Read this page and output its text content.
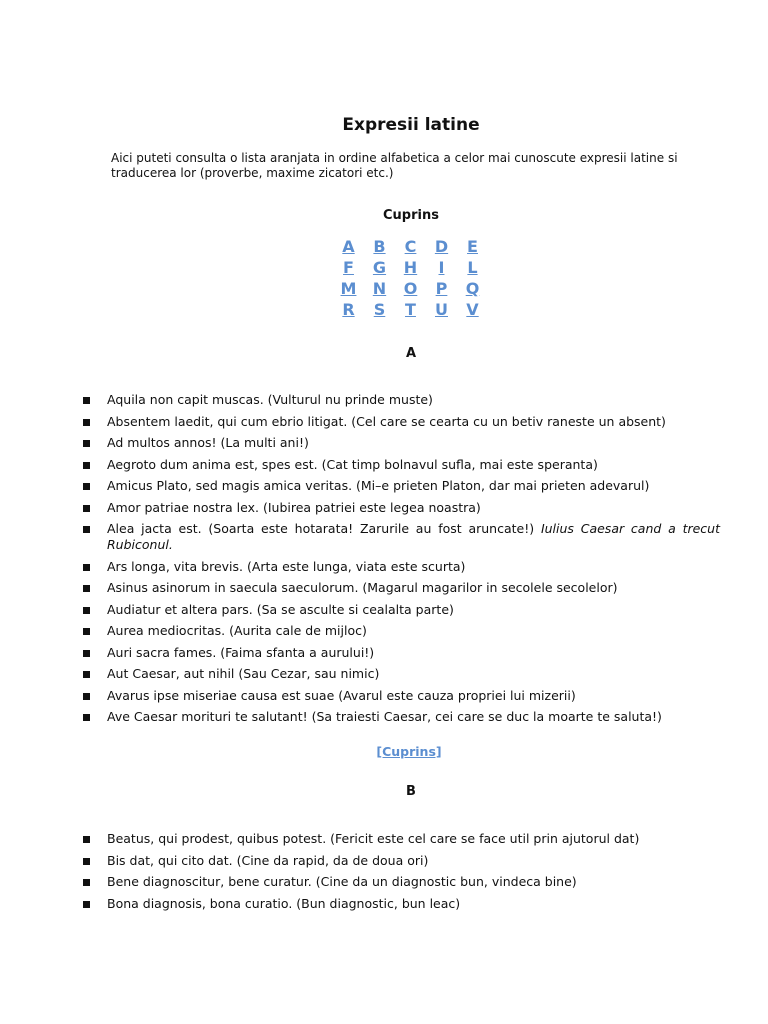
Expresii latine
Aici puteti consulta o lista aranjata in ordine alfabetica a celor mai cunoscute expresii latine si traducerea lor (proverbe, maxime zicatori etc.)
Cuprins
A	B	C	D	E
F	G	H	I	L
M	N	O	P	Q
R	S	T	U	V
A
Aquila non capit muscas. (Vulturul nu prinde muste)
Absentem laedit, qui cum ebrio litigat. (Cel care se cearta cu un betiv raneste un absent)
Ad multos annos! (La multi ani!)
Aegroto dum anima est, spes est. (Cat timp bolnavul sufla, mai este speranta)
Amicus Plato, sed magis amica veritas. (Mi–e prieten Platon, dar mai prieten adevarul)
Amor patriae nostra lex. (Iubirea patriei este legea noastra)
Alea jacta est. (Soarta este hotarata! Zarurile au fost aruncate!) Iulius Caesar cand a trecut Rubiconul.
Ars longa, vita brevis. (Arta este lunga, viata este scurta)
Asinus asinorum in saecula saeculorum. (Magarul magarilor in secolele secolelor)
Audiatur et altera pars. (Sa se asculte si cealalta parte)
Aurea mediocritas. (Aurita cale de mijloc)
Auri sacra fames. (Faima sfanta a aurului!)
Aut Caesar, aut nihil (Sau Cezar, sau nimic)
Avarus ipse miseriae causa est suae (Avarul este cauza propriei lui mizerii)
Ave Caesar morituri te salutant! (Sa traiesti Caesar, cei care se duc la moarte te saluta!)
[Cuprins]
B
Beatus, qui prodest, quibus potest. (Fericit este cel care se face util prin ajutorul dat)
Bis dat, qui cito dat. (Cine da rapid, da de doua ori)
Bene diagnoscitur, bene curatur. (Cine da un diagnostic bun, vindeca bine)
Bona diagnosis, bona curatio. (Bun diagnostic, bun leac)
